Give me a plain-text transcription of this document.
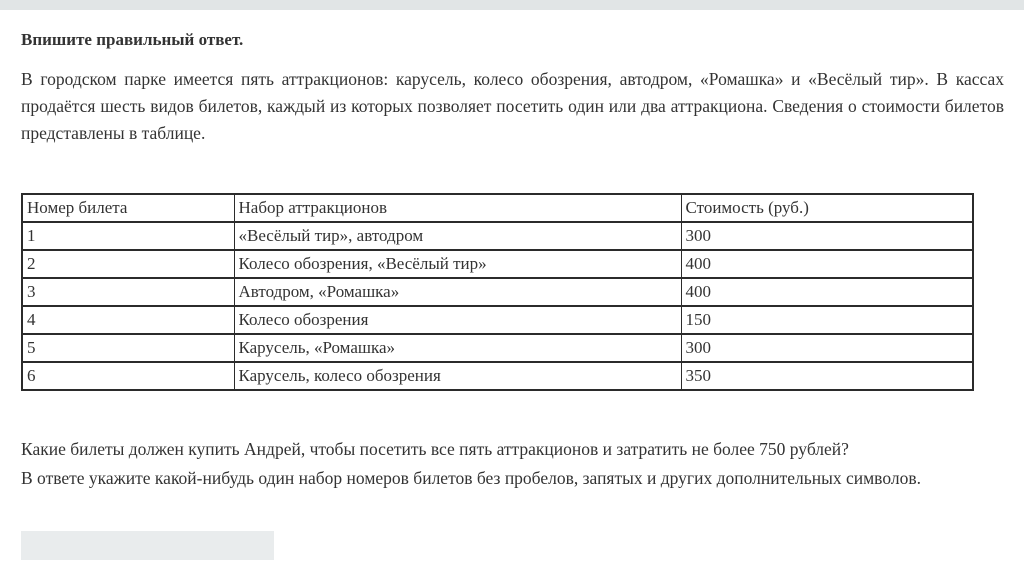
Впишите правильный ответ.

В городском парке имеется пять аттракционов: карусель, колесо обозрения, автодром, «Ромашка» и «Весёлый тир». В кассах продаётся шесть видов билетов, каждый из которых позволяет посетить один или два аттракциона. Сведения о стоимости билетов представлены в таблице.

Номер билета	Набор аттракционов	Стоимость (руб.)
1	«Весёлый тир», автодром	300
2	Колесо обозрения, «Весёлый тир»	400
3	Автодром, «Ромашка»	400
4	Колесо обозрения	150
5	Карусель, «Ромашка»	300
6	Карусель, колесо обозрения	350

Какие билеты должен купить Андрей, чтобы посетить все пять аттракционов и затратить не более 750 рублей?
В ответе укажите какой-нибудь один набор номеров билетов без пробелов, запятых и других дополнительных символов.
